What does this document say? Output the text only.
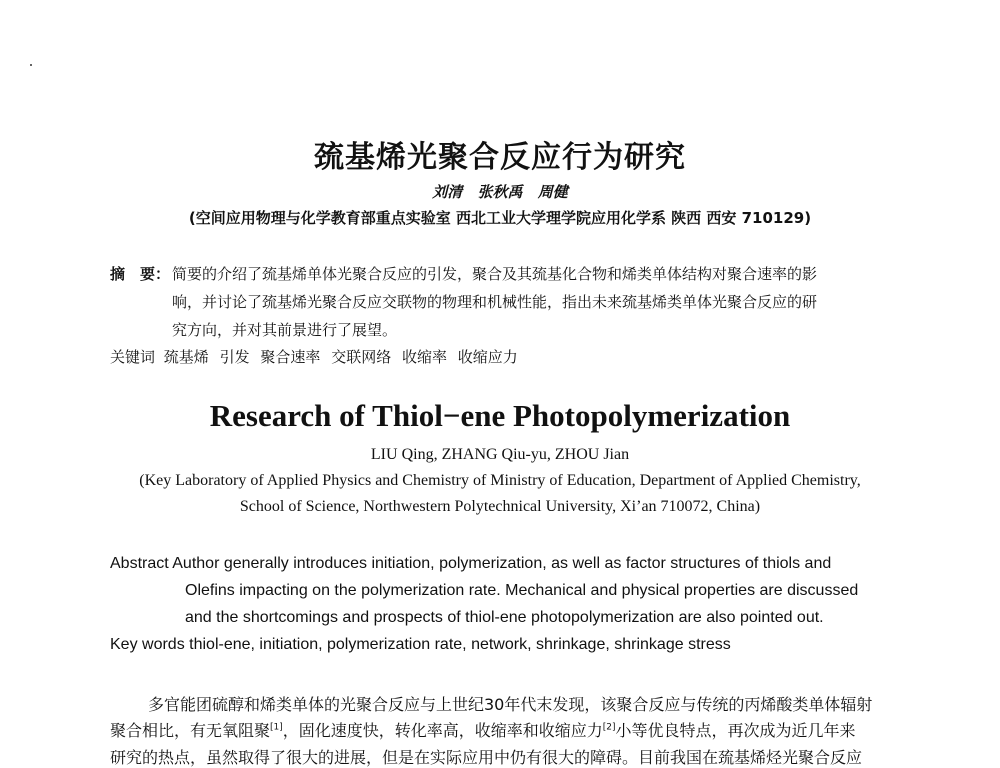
巯基烯光聚合反应行为研究
刘清 张秋禹 周健
(空间应用物理与化学教育部重点实验室 西北工业大学理学院应用化学系 陕西 西安 710129)
摘　要： 简要的介绍了巯基烯单体光聚合反应的引发，聚合及其巯基化合物和烯类单体结构对聚合速率的影
响，并讨论了巯基烯光聚合反应交联物的物理和机械性能，指出未来巯基烯类单体光聚合反应的研
究方向，并对其前景进行了展望。
关键词 巯基烯 引发 聚合速率 交联网络 收缩率 收缩应力
Research of Thiol−ene Photopolymerization
LIU Qing, ZHANG Qiu-yu, ZHOU Jian
(Key Laboratory of Applied Physics and Chemistry of Ministry of Education, Department of Applied Chemistry,
School of Science, Northwestern Polytechnical University, Xi’an 710072, China)
Abstract Author generally introduces initiation, polymerization, as well as factor structures of thiols and
Olefins impacting on the polymerization rate. Mechanical and physical properties are discussed
and the shortcomings and prospects of thiol-ene photopolymerization are also pointed out.
Key words thiol-ene, initiation, polymerization rate, network, shrinkage, shrinkage stress
多官能团硫醇和烯类单体的光聚合反应与上世纪30年代末发现，该聚合反应与传统的丙烯酸类单体辐射
聚合相比，有无氧阻聚[1]，固化速度快，转化率高，收缩率和收缩应力[2]小等优良特点，再次成为近几年来
研究的热点，虽然取得了很大的进展，但是在实际应用中仍有很大的障碍。目前我国在巯基烯烃光聚合反应
